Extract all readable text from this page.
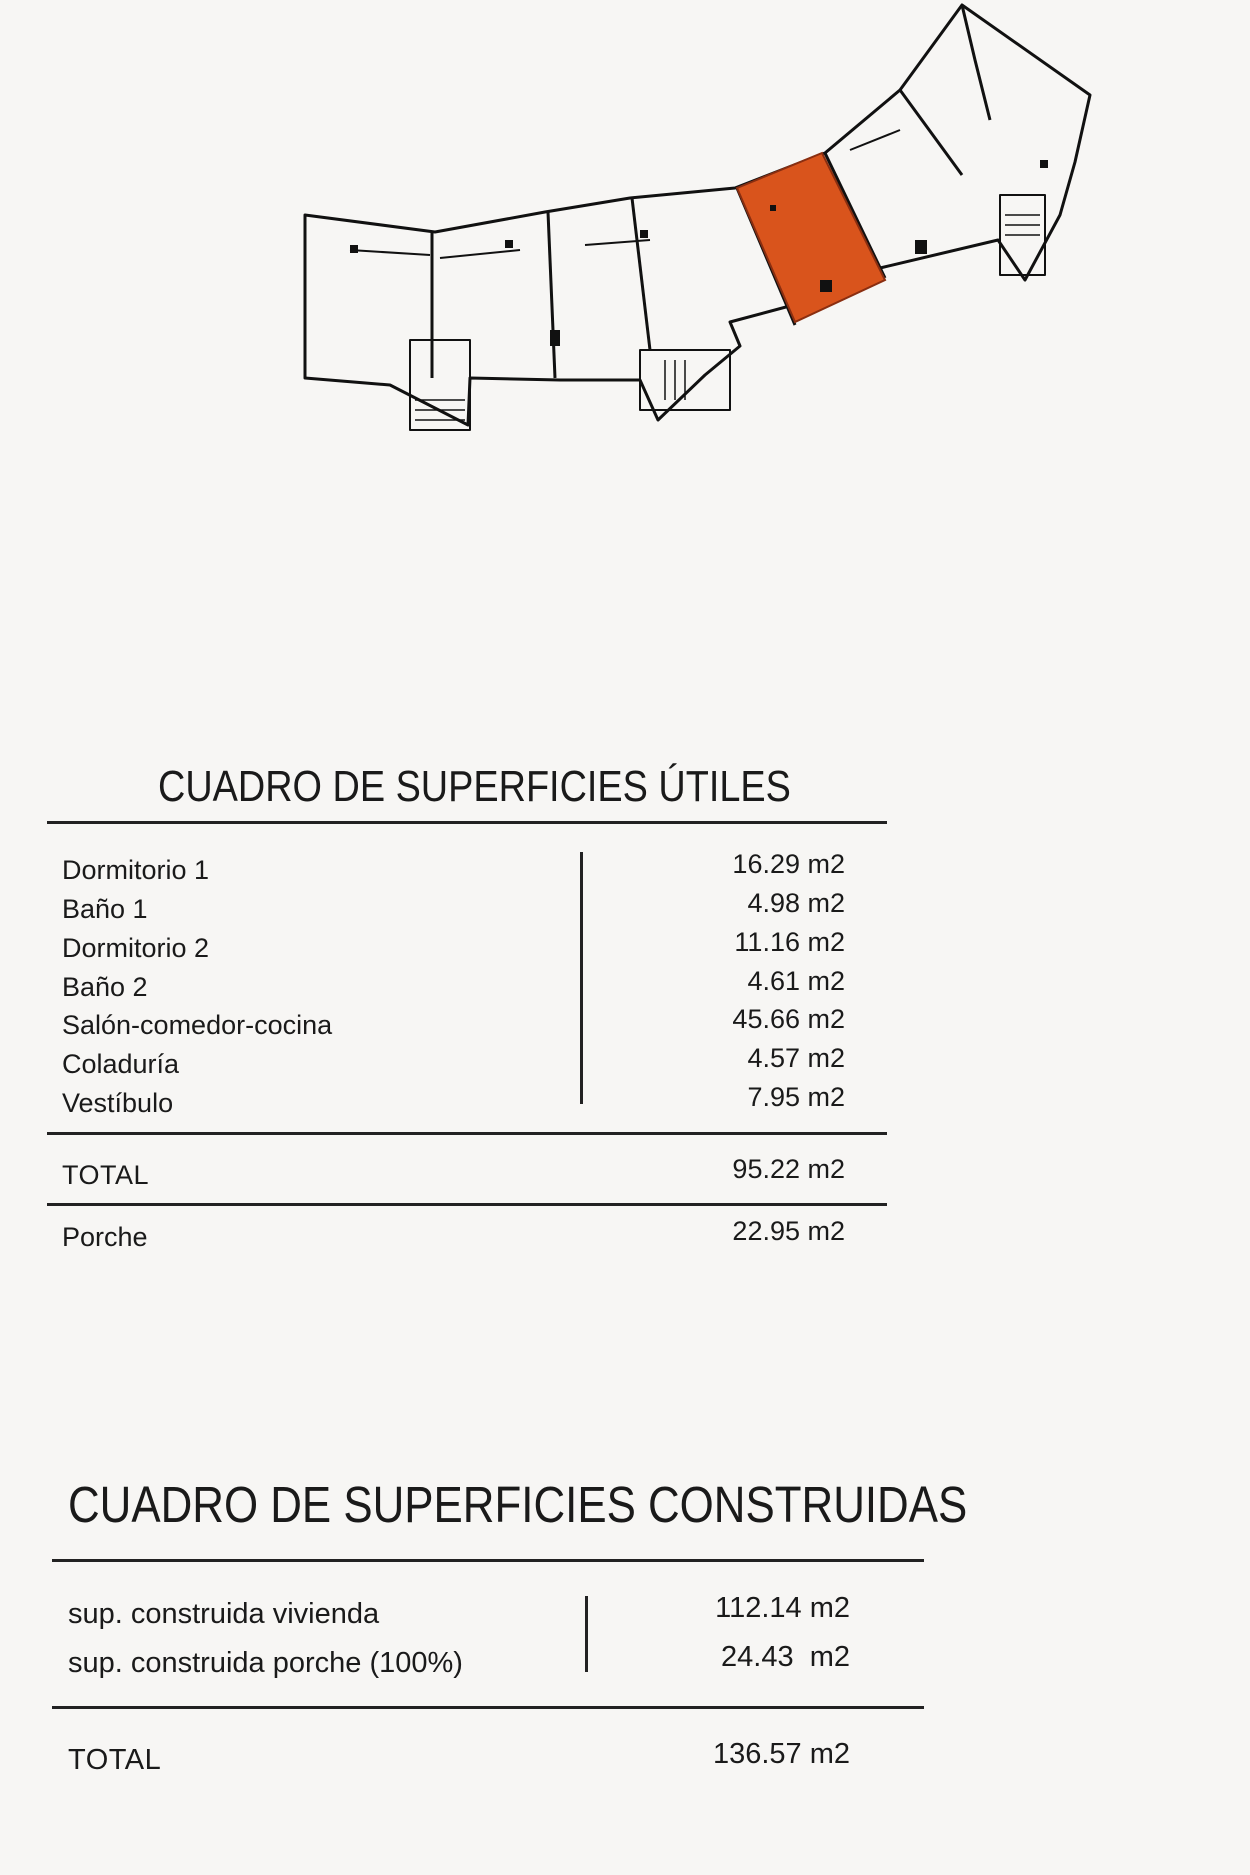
CUADRO DE SUPERFICIES ÚTILES
Dormitorio 1	16.29 m2
Baño 1	4.98 m2
Dormitorio 2	11.16 m2
Baño 2	4.61 m2
Salón-comedor-cocina	45.66 m2
Coladuría	4.57 m2
Vestíbulo	7.95 m2
TOTAL	95.22 m2
Porche	22.95 m2
CUADRO DE SUPERFICIES CONSTRUIDAS
sup. construida vivienda	112.14 m2
sup. construida porche (100%)	24.43  m2
TOTAL	136.57 m2
